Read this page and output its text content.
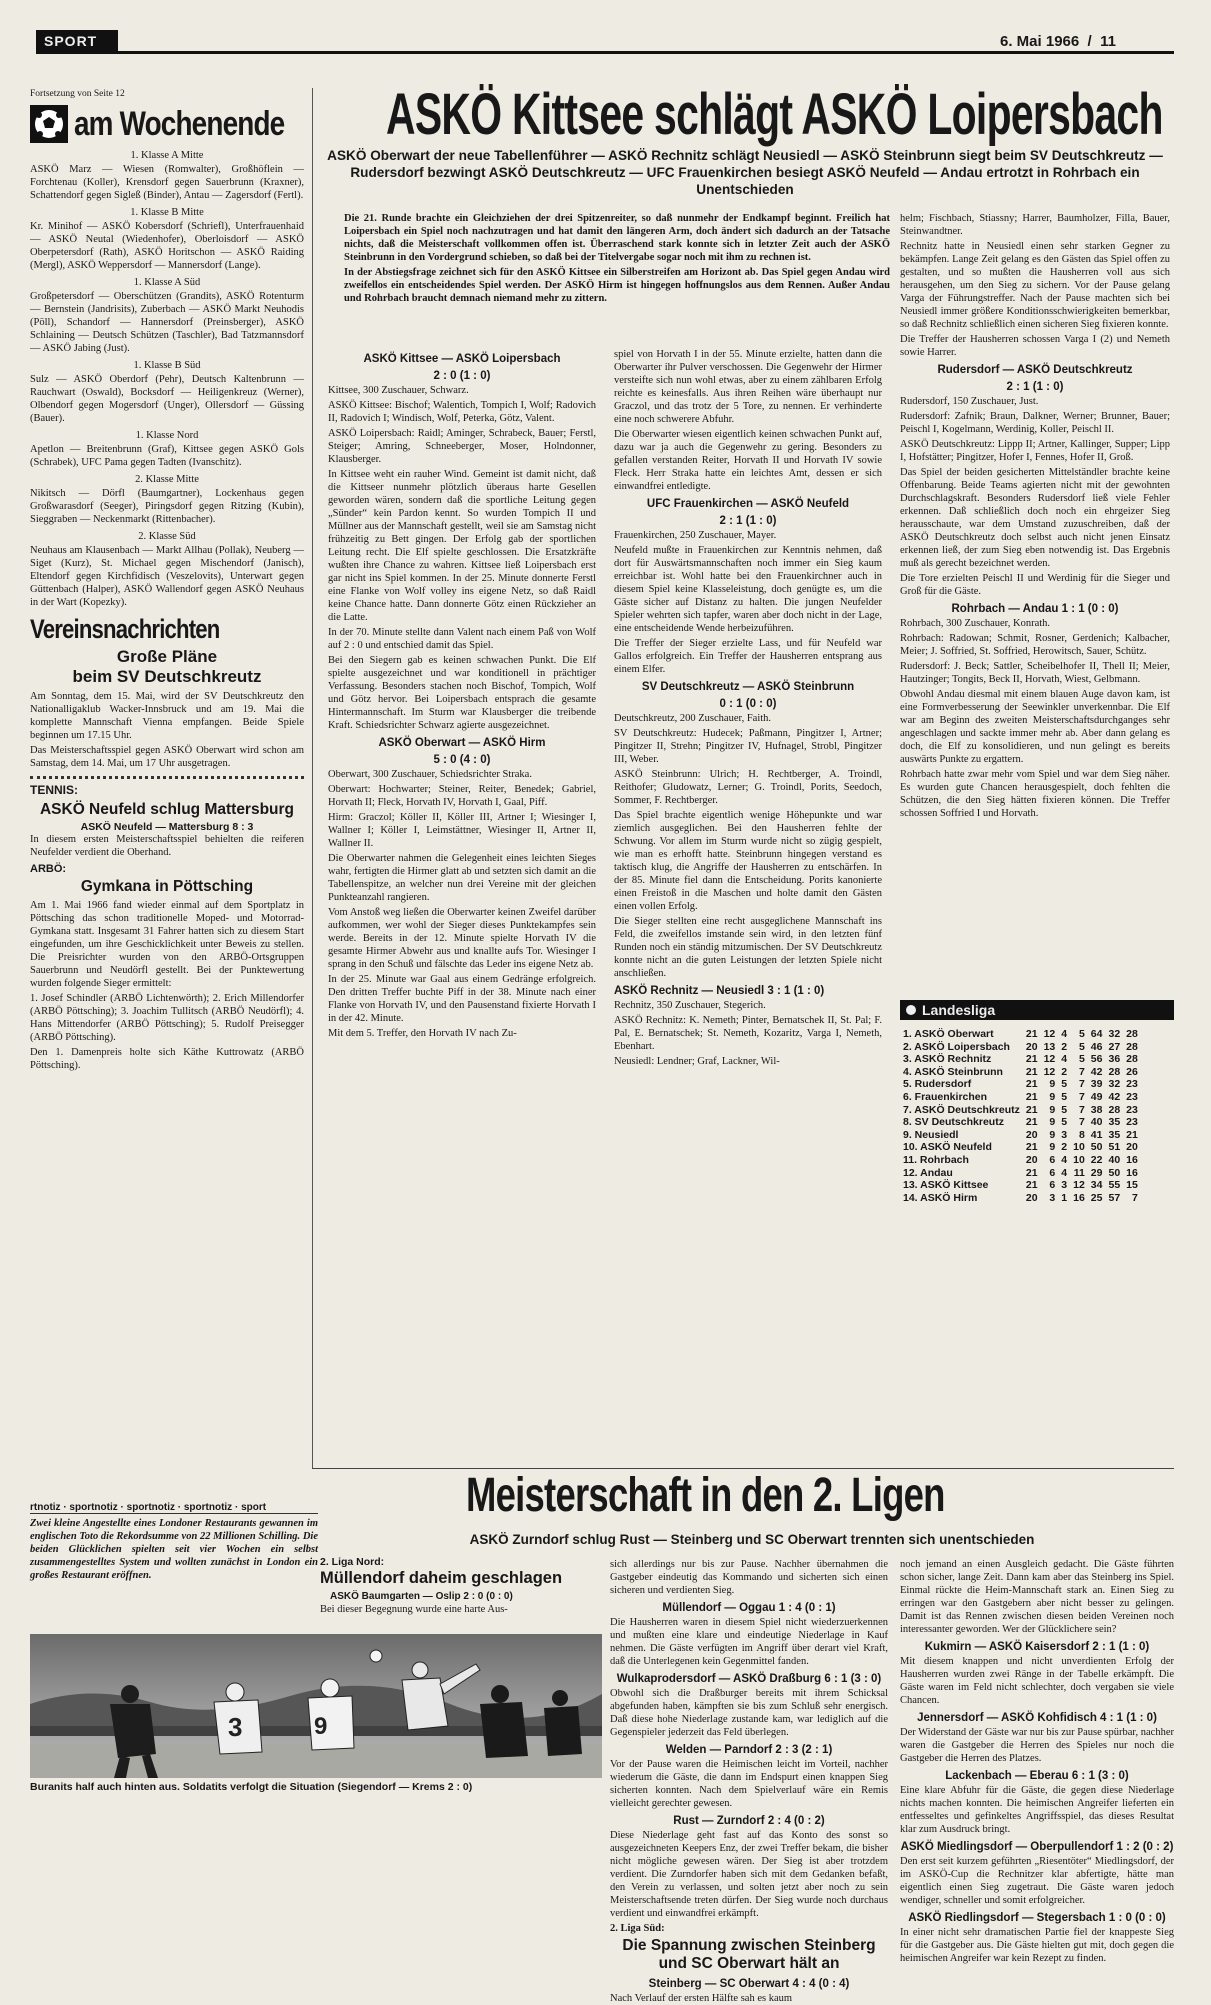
SPORT	6. Mai 1966  /  11
Fortsetzung von Seite 12
am Wochenende

1. Klasse A Mitte

ASKÖ Marz — Wiesen (Romwalter), Großhöflein — Forchtenau (Koller), Krensdorf gegen Sauerbrunn (Kraxner), Schattendorf gegen Sigleß (Binder), Antau — Zagersdorf (Fertl).

1. Klasse B Mitte

Kr. Minihof — ASKÖ Kobersdorf (Schriefl), Unterfrauenhaid — ASKÖ Neutal (Wiedenhofer), Oberloisdorf — ASKÖ Oberpetersdorf (Rath), ASKÖ Horitschon — ASKÖ Raiding (Mergl), ASKÖ Weppersdorf — Mannersdorf (Lange).

1. Klasse A Süd

Großpetersdorf — Oberschützen (Grandits), ASKÖ Rotenturm — Bernstein (Jandrisits), Zuberbach — ASKÖ Markt Neuhodis (Pöll), Schandorf — Hannersdorf (Preinsberger), ASKÖ Schlaining — Deutsch Schützen (Taschler), Bad Tatzmannsdorf — ASKÖ Jabing (Just).

1. Klasse B Süd

Sulz — ASKÖ Oberdorf (Pehr), Deutsch Kaltenbrunn — Rauchwart (Oswald), Bocksdorf — Heiligenkreuz (Werner), Olbendorf gegen Mogersdorf (Unger), Ollersdorf — Güssing (Bauer).

1. Klasse Nord

Apetlon — Breitenbrunn (Graf), Kittsee gegen ASKÖ Gols (Schrabek), UFC Pama gegen Tadten (Ivanschitz).

2. Klasse Mitte

Nikitsch — Dörfl (Baumgartner), Lockenhaus gegen Großwarasdorf (Seeger), Piringsdorf gegen Ritzing (Kubin), Sieggraben — Neckenmarkt (Rittenbacher).

2. Klasse Süd

Neuhaus am Klausenbach — Markt Allhau (Pollak), Neuberg — Siget (Kurz), St. Michael gegen Mischendorf (Janisch), Eltendorf gegen Kirchfidisch (Veszelovits), Unterwart gegen Güttenbach (Halper), ASKÖ Wallendorf gegen ASKÖ Neuhaus in der Wart (Kopezky).

Vereinsnachrichten
Große Pläne
beim SV Deutschkreutz

Am Sonntag, dem 15. Mai, wird der SV Deutschkreutz den Nationalligaklub Wacker-Innsbruck und am 19. Mai die komplette Mannschaft Vienna empfangen. Beide Spiele beginnen um 17.15 Uhr.

Das Meisterschaftsspiel gegen ASKÖ Oberwart wird schon am Samstag, dem 14. Mai, um 17 Uhr ausgetragen.

TENNIS:
ASKÖ Neufeld schlug Mattersburg
ASKÖ Neufeld — Mattersburg 8 : 3

In diesem ersten Meisterschaftsspiel behielten die reiferen Neufelder verdient die Oberhand.

ARBÖ:
Gymkana in Pöttsching

Am 1. Mai 1966 fand wieder einmal auf dem Sportplatz in Pöttsching das schon traditionelle Moped- und Motorrad-Gymkana statt. Insgesamt 31 Fahrer hatten sich zu diesem Start eingefunden, um ihre Geschicklichkeit unter Beweis zu stellen. Die Preisrichter wurden von den ARBÖ-Ortsgruppen Sauerbrunn und Neudörfl gestellt. Bei der Punktewertung wurden folgende Sieger ermittelt:

1. Josef Schindler (ARBÖ Lichtenwörth); 2. Erich Millendorfer (ARBÖ Pöttsching); 3. Joachim Tullitsch (ARBÖ Neudörfl); 4. Hans Mittendorfer (ARBÖ Pöttsching); 5. Rudolf Preisegger (ARBÖ Pöttsching).

Den 1. Damenpreis holte sich Käthe Kuttrowatz (ARBÖ Pöttsching).

ASKÖ Kittsee schlägt ASKÖ Loipersbach
ASKÖ Oberwart der neue Tabellenführer — ASKÖ Rechnitz schlägt Neusiedl — ASKÖ Steinbrunn siegt beim SV Deutschkreutz — Rudersdorf bezwingt ASKÖ Deutschkreutz — UFC Frauenkirchen besiegt ASKÖ Neufeld — Andau ertrotzt in Rohrbach ein Unentschieden

Die 21. Runde brachte ein Gleichziehen der drei Spitzenreiter, so daß nunmehr der Endkampf beginnt. Freilich hat Loipersbach ein Spiel noch nachzutragen und hat damit den längeren Arm, doch ändert sich dadurch an der Tatsache nichts, daß die Meisterschaft vollkommen offen ist. Überraschend stark konnte sich in letzter Zeit auch der ASKÖ Steinbrunn in den Vordergrund schieben, so daß bei der Titelvergabe sogar noch mit ihm zu rechnen ist.

In der Abstiegsfrage zeichnet sich für den ASKÖ Kittsee ein Silberstreifen am Horizont ab. Das Spiel gegen Andau wird zweifellos ein entscheidendes Spiel werden. Der ASKÖ Hirm ist hingegen hoffnungslos aus dem Rennen. Außer Andau und Rohrbach braucht demnach niemand mehr zu zittern.

ASKÖ Kittsee — ASKÖ Loipersbach
2 : 0 (1 : 0)

Kittsee, 300 Zuschauer, Schwarz.

ASKÖ Kittsee: Bischof; Walentich, Tompich I, Wolf; Radovich II, Radovich I; Windisch, Wolf, Peterka, Götz, Valent.

ASKÖ Loipersbach: Raidl; Aminger, Schrabeck, Bauer; Ferstl, Steiger; Amring, Schneeberger, Moser, Holndonner, Klausberger.

In Kittsee weht ein rauher Wind. Gemeint ist damit nicht, daß die Kittseer nunmehr plötzlich überaus harte Gesellen geworden wären, sondern daß die sportliche Leitung gegen „Sünder“ kein Pardon kennt. So wurden Tompich II und Müllner aus der Mannschaft gestellt, weil sie am Samstag nicht frühzeitig zu Bett gingen. Der Erfolg gab der sportlichen Leitung recht. Die Elf spielte geschlossen. Die Ersatzkräfte wußten ihre Chance zu wahren. Kittsee ließ Loipersbach erst gar nicht ins Spiel kommen. In der 25. Minute donnerte Ferstl eine Flanke von Wolf volley ins eigene Netz, so daß Raidl keine Chance hatte. Dann donnerte Götz einen Rückzieher an die Latte.

In der 70. Minute stellte dann Valent nach einem Paß von Wolf auf 2 : 0 und entschied damit das Spiel.

Bei den Siegern gab es keinen schwachen Punkt. Die Elf spielte ausgezeichnet und war konditionell in prächtiger Verfassung. Besonders stachen noch Bischof, Tompich, Wolf und Götz hervor. Bei Loipersbach entsprach die gesamte Hintermannschaft. Im Sturm war Klausberger die treibende Kraft. Schiedsrichter Schwarz agierte ausgezeichnet.

ASKÖ Oberwart — ASKÖ Hirm
5 : 0 (4 : 0)

Oberwart, 300 Zuschauer, Schiedsrichter Straka.

Oberwart: Hochwarter; Steiner, Reiter, Benedek; Gabriel, Horvath II; Fleck, Horvath IV, Horvath I, Gaal, Piff.

Hirm: Graczol; Köller II, Köller III, Artner I; Wiesinger I, Wallner I; Köller I, Leimstättner, Wiesinger II, Artner II, Wallner II.

Die Oberwarter nahmen die Gelegenheit eines leichten Sieges wahr, fertigten die Hirmer glatt ab und setzten sich damit an die Tabellenspitze, an welcher nun drei Vereine mit der gleichen Punkteanzahl rangieren.

Vom Anstoß weg ließen die Oberwarter keinen Zweifel darüber aufkommen, wer wohl der Sieger dieses Punktekampfes sein werde. Bereits in der 12. Minute spielte Horvath IV die gesamte Hirmer Abwehr aus und knallte aufs Tor. Wiesinger I sprang in den Schuß und fälschte das Leder ins eigene Netz ab.

In der 25. Minute war Gaal aus einem Gedränge erfolgreich. Den dritten Treffer buchte Piff in der 38. Minute nach einer Flanke von Horvath IV, und den Pausenstand fixierte Horvath I in der 42. Minute.

Mit dem 5. Treffer, den Horvath IV nach Zu-

spiel von Horvath I in der 55. Minute erzielte, hatten dann die Oberwarter ihr Pulver verschossen. Die Gegenwehr der Hirmer versteifte sich nun wohl etwas, aber zu einem zählbaren Erfolg reichte es keinesfalls. Aus ihren Reihen wäre überhaupt nur Graczol, und das trotz der 5 Tore, zu nennen. Er verhinderte eine noch schwerere Abfuhr.

Die Oberwarter wiesen eigentlich keinen schwachen Punkt auf, dazu war ja auch die Gegenwehr zu gering. Besonders zu gefallen verstanden Reiter, Horvath II und Horvath IV sowie Fleck. Herr Straka hatte ein leichtes Amt, dessen er sich einwandfrei entledigte.

UFC Frauenkirchen — ASKÖ Neufeld
2 : 1 (1 : 0)

Frauenkirchen, 250 Zuschauer, Mayer.

Neufeld mußte in Frauenkirchen zur Kenntnis nehmen, daß dort für Auswärtsmannschaften noch immer ein Sieg kaum erreichbar ist. Wohl hatte bei den Frauenkirchner auch in diesem Spiel keine Klasseleistung, doch genügte es, um die Gäste sicher auf Distanz zu halten. Die jungen Neufelder Spieler wehrten sich tapfer, waren aber doch nicht in der Lage, eine entscheidende Wende herbeizuführen.

Die Treffer der Sieger erzielte Lass, und für Neufeld war Gallos erfolgreich. Ein Treffer der Hausherren entsprang aus einem Elfer.

SV Deutschkreutz — ASKÖ Steinbrunn
0 : 1 (0 : 0)

Deutschkreutz, 200 Zuschauer, Faith.

SV Deutschkreutz: Hudecek; Paßmann, Pingitzer I, Artner; Pingitzer II, Strehn; Pingitzer IV, Hufnagel, Strobl, Pingitzer III, Weber.

ASKÖ Steinbrunn: Ulrich; H. Rechtberger, A. Troindl, Reithofer; Gludowatz, Lerner; G. Troindl, Porits, Seedoch, Sommer, F. Rechtberger.

Das Spiel brachte eigentlich wenige Höhepunkte und war ziemlich ausgeglichen. Bei den Hausherren fehlte der Schwung. Vor allem im Sturm wurde nicht so zügig gespielt, wie man es erhofft hatte. Steinbrunn hingegen verstand es taktisch klug, die Angriffe der Hausherren zu entschärfen. In der 85. Minute fiel dann die Entscheidung. Porits kanonierte einen Freistoß in die Maschen und holte damit den Gästen einen vollen Erfolg.

Die Sieger stellten eine recht ausgeglichene Mannschaft ins Feld, die zweifellos imstande sein wird, in den letzten fünf Runden noch ein ständig mitzumischen. Der SV Deutschkreutz konnte nicht an die guten Leistungen der letzten Spiele nicht anschließen.

ASKÖ Rechnitz — Neusiedl 3 : 1 (1 : 0)

Rechnitz, 350 Zuschauer, Stegerich.

ASKÖ Rechnitz: K. Nemeth; Pinter, Bernatschek II, St. Pal; F. Pal, E. Bernatschek; St. Nemeth, Kozaritz, Varga I, Nemeth, Ebenhart.

Neusiedl: Lendner; Graf, Lackner, Wil-

helm; Fischbach, Stiassny; Harrer, Baumholzer, Filla, Bauer, Steinwandtner.

Rechnitz hatte in Neusiedl einen sehr starken Gegner zu bekämpfen. Lange Zeit gelang es den Gästen das Spiel offen zu gestalten, und so mußten die Hausherren voll aus sich herausgehen, um den Sieg zu sichern. Vor der Pause gelang Varga der Führungstreffer. Nach der Pause machten sich bei Neusiedl immer größere Konditionsschwierigkeiten bemerkbar, so daß Rechnitz schließlich einen sicheren Sieg fixieren konnte.

Die Treffer der Hausherren schossen Varga I (2) und Nemeth sowie Harrer.

Rudersdorf — ASKÖ Deutschkreutz
2 : 1 (1 : 0)

Rudersdorf, 150 Zuschauer, Just.

Rudersdorf: Zafnik; Braun, Dalkner, Werner; Brunner, Bauer; Peischl I, Kogelmann, Werdinig, Koller, Peischl II.

ASKÖ Deutschkreutz: Lippp II; Artner, Kallinger, Supper; Lipp I, Hofstätter; Pingitzer, Hofer I, Fennes, Hofer II, Groß.

Das Spiel der beiden gesicherten Mittelständler brachte keine Offenbarung. Beide Teams agierten nicht mit der gewohnten Durchschlagskraft. Besonders Rudersdorf ließ viele Fehler erkennen. Daß schließlich doch noch ein ehrgeizer Sieg herausschaute, war dem Umstand zuzuschreiben, daß der ASKÖ Deutschkreutz doch selbst auch nicht jenen Einsatz erkennen ließ, der zum Sieg eben notwendig ist. Das Ergebnis muß als gerecht bezeichnet werden.

Die Tore erzielten Peischl II und Werdinig für die Sieger und Groß für die Gäste.

Rohrbach — Andau 1 : 1 (0 : 0)

Rohrbach, 300 Zuschauer, Konrath.

Rohrbach: Radowan; Schmit, Rosner, Gerdenich; Kalbacher, Meier; J. Soffried, St. Soffried, Herowitsch, Sauer, Schütz.

Rudersdorf: J. Beck; Sattler, Scheibelhofer II, Thell II; Meier, Hautzinger; Tongits, Beck II, Horvath, Wiest, Gelbmann.

Obwohl Andau diesmal mit einem blauen Auge davon kam, ist eine Formverbesserung der Seewinkler unverkennbar. Die Elf war am Beginn des zweiten Meisterschaftsdurchganges sehr angeschlagen und sackte immer mehr ab. Aber dann gelang es doch, die Elf zu konsolidieren, und nun gelingt es bereits auswärts Punkte zu ergattern.

Rohrbach hatte zwar mehr vom Spiel und war dem Sieg näher. Es wurden gute Chancen herausgespielt, doch fehlten die Schützen, die den Sieg hätten fixieren können. Die Treffer schossen Soffried I und Horvath.

Landesliga
1. ASKÖ Oberwart	21	12	4	5	64	32	28
2. ASKÖ Loipersbach	20	13	2	5	46	27	28
3. ASKÖ Rechnitz	21	12	4	5	56	36	28
4. ASKÖ Steinbrunn	21	12	2	7	42	28	26
5. Rudersdorf	21	9	5	7	39	32	23
6. Frauenkirchen	21	9	5	7	49	42	23
7. ASKÖ Deutschkreutz	21	9	5	7	38	28	23
8. SV Deutschkreutz	21	9	5	7	40	35	23
9. Neusiedl	20	9	3	8	41	35	21
10. ASKÖ Neufeld	21	9	2	10	50	51	20
11. Rohrbach	20	6	4	10	22	40	16
12. Andau	21	6	4	11	29	50	16
13. ASKÖ Kittsee	21	6	3	12	34	55	15
14. ASKÖ Hirm	20	3	1	16	25	57	7
Meisterschaft in den 2. Ligen
ASKÖ Zurndorf schlug Rust — Steinberg und SC Oberwart trennten sich unentschieden
rtnotiz · sportnotiz · sportnotiz · sportnotiz · sport

Zwei kleine Angestellte eines Londoner Restaurants gewannen im englischen Toto die Rekordsumme von 22 Millionen Schilling. Die beiden Glücklichen spielten seit vier Wochen ein selbst zusammengestelltes System und wollten zunächst in London ein großes Restaurant eröffnen.

2. Liga Nord:
Müllendorf daheim geschlagen
ASKÖ Baumgarten — Oslip 2 : 0 (0 : 0)

Bei dieser Begegnung wurde eine harte Aus-

3	9
Buranits half auch hinten aus. Soldatits verfolgt die Situation (Siegendorf — Krems 2 : 0)

sich allerdings nur bis zur Pause. Nachher übernahmen die Gastgeber eindeutig das Kommando und sicherten sich einen sicheren und verdienten Sieg.

Müllendorf — Oggau 1 : 4 (0 : 1)

Die Hausherren waren in diesem Spiel nicht wiederzuerkennen und mußten eine klare und eindeutige Niederlage in Kauf nehmen. Die Gäste verfügten im Angriff über derart viel Kraft, daß die Unterlegenen kein Gegenmittel fanden.

Wulkaprodersdorf — ASKÖ Draßburg 6 : 1 (3 : 0)

Obwohl sich die Draßburger bereits mit ihrem Schicksal abgefunden haben, kämpften sie bis zum Schluß sehr energisch. Daß diese hohe Niederlage zustande kam, war lediglich auf die Gegenspieler jederzeit das Feld überlegen.

Welden — Parndorf 2 : 3 (2 : 1)

Vor der Pause waren die Heimischen leicht im Vorteil, nachher wiederum die Gäste, die dann im Endspurt einen knappen Sieg sicherten konnten. Nach dem Spielverlauf wäre ein Remis vielleicht gerechter gewesen.

Rust — Zurndorf 2 : 4 (0 : 2)

Diese Niederlage geht fast auf das Konto des sonst so ausgezeichneten Keepers Enz, der zwei Treffer bekam, die bisher nicht mögliche gewesen wären. Der Sieg ist aber trotzdem verdient. Die Zurndorfer haben sich mit dem Gedanken befaßt, den Verein zu verlassen, und solten jetzt aber noch zu sein Meisterschaftsende treten dürfen. Der Sieg wurde noch durchaus verdient und einwandfrei erkämpft.

2. Liga Süd:

Die Spannung zwischen Steinberg und SC Oberwart hält an
Steinberg — SC Oberwart 4 : 4 (0 : 4)

Nach Verlauf der ersten Hälfte sah es kaum

noch jemand an einen Ausgleich gedacht. Die Gäste führten schon sicher, lange Zeit. Dann kam aber das Steinberg ins Spiel. Einmal rückte die Heim-Mannschaft stark an. Einen Sieg zu erringen war den Gastgebern aber nicht besser zu gelingen. Damit ist das Rennen zwischen diesen beiden Vereinen noch interessanter geworden. Wer der Glücklichere sein?

Kukmirn — ASKÖ Kaisersdorf 2 : 1 (1 : 0)

Mit diesem knappen und nicht unverdienten Erfolg der Hausherren wurden zwei Ränge in der Tabelle erkämpft. Die Gäste waren im Feld nicht schlechter, doch vergaben sie viele Chancen.

Jennersdorf — ASKÖ Kohfidisch 4 : 1 (1 : 0)

Der Widerstand der Gäste war nur bis zur Pause spürbar, nachher waren die Gastgeber die Herren des Spieles nur noch die Gastgeber die Herren des Platzes.

Lackenbach — Eberau 6 : 1 (3 : 0)

Eine klare Abfuhr für die Gäste, die gegen diese Niederlage nichts machen konnten. Die heimischen Angreifer lieferten ein entfesseltes und gefinkeltes Angriffsspiel, das dieses Resultat klar zum Ausdruck bringt.

ASKÖ Miedlingsdorf — Oberpullendorf 1 : 2 (0 : 2)

Den erst seit kurzem geführten „Riesentöter“ Miedlingsdorf, der im ASKÖ-Cup die Rechnitzer klar abfertigte, hätte man eigentlich einen Sieg zugetraut. Die Gäste waren jedoch wendiger, schneller und somit erfolgreicher.

ASKÖ Riedlingsdorf — Stegersbach 1 : 0 (0 : 0)

In einer nicht sehr dramatischen Partie fiel der knappeste Sieg für die Gastgeber aus. Die Gäste hielten gut mit, doch gegen die heimischen Angreifer war kein Rezept zu finden.
